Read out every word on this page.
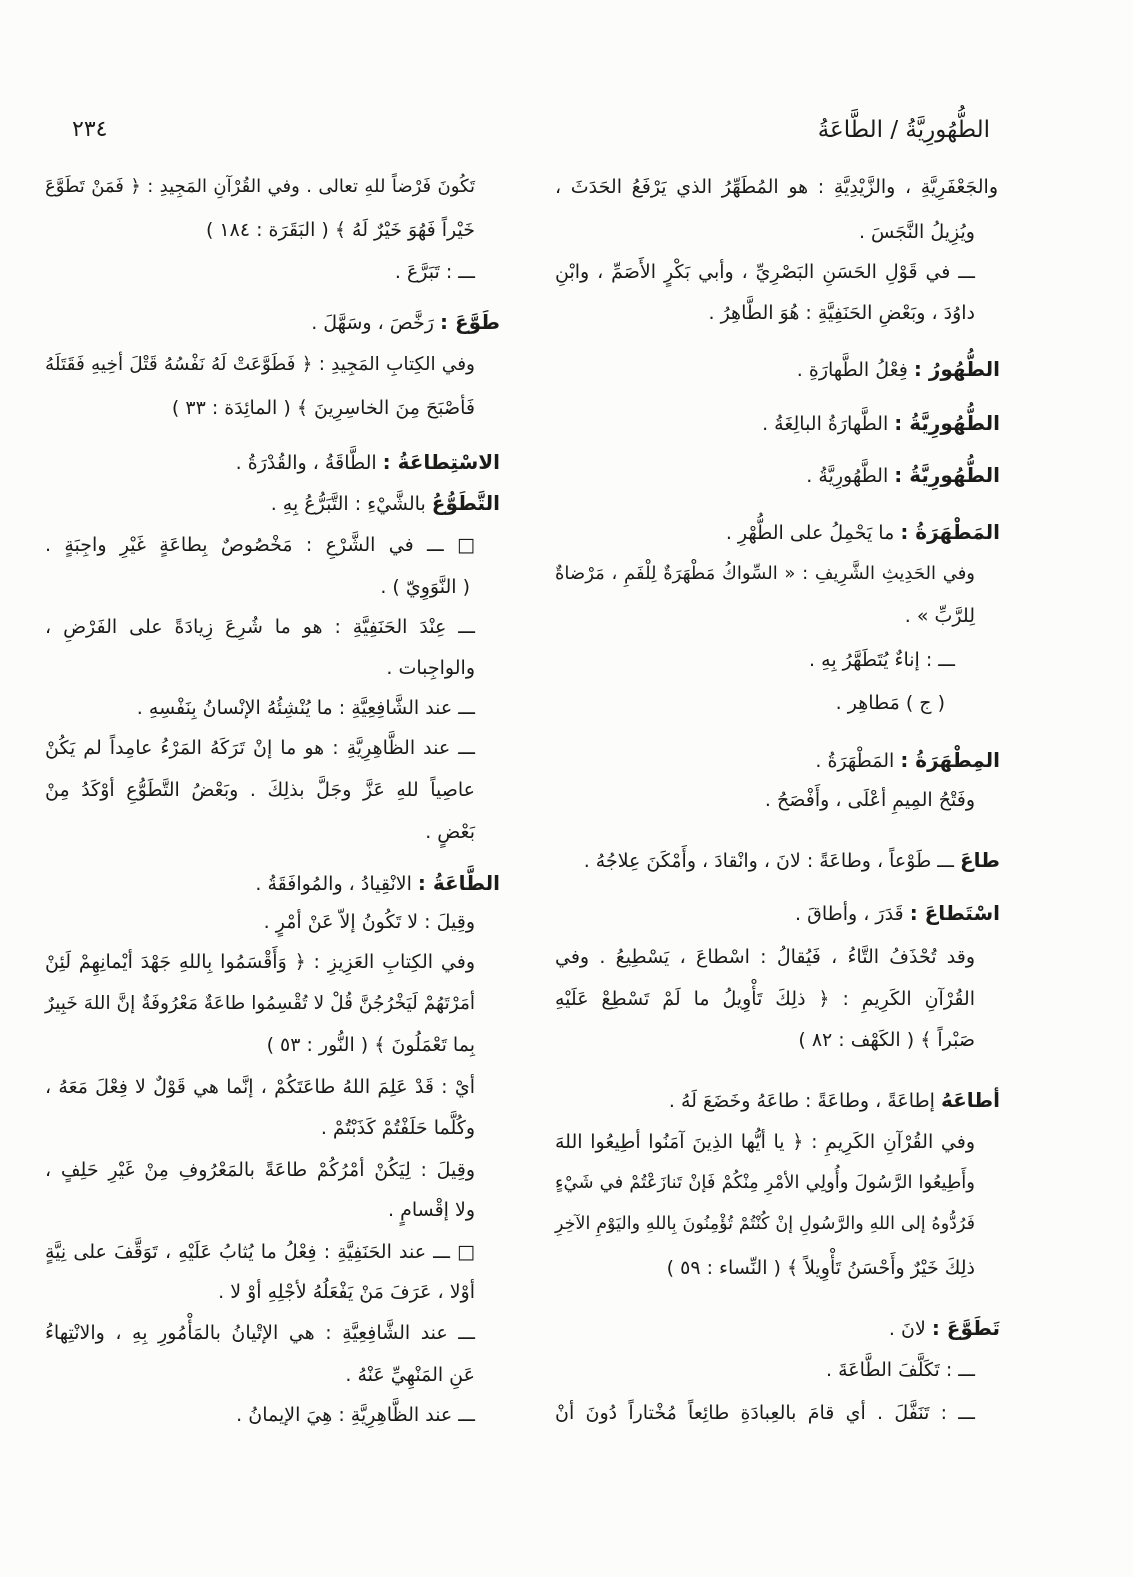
الطُّهُورِيَّةُ / الطَّاعَةُ
٢٣٤
والجَعْفَرِيَّةِ ، والزَّيْدِيَّةِ : هو المُطَهِّرُ الذي يَرْفَعُ الحَدَثَ ،
ويُزِيلُ النَّجَسَ .
ـــ في قَوْلِ الحَسَنِ البَصْرِيِّ ، وأبي بَكْرٍ الأَصَمِّ ، وابْنِ
داوُدَ ، وبَعْضِ الحَنَفِيَّةِ : هُوَ الطَّاهِرُ .
الطُّهُورُ : فِعْلُ الطَّهارَةِ .
الطُّهُورِيَّةُ : الطَّهارَةُ البالِغَةُ .
الطُّهُورِيَّةُ : الطَّهُورِيَّةُ .
المَطْهَرَةُ : ما يَحْمِلُ على الطُّهْرِ .
وفي الحَدِيثِ الشَّرِيفِ : « السِّواكُ مَطْهَرَةٌ لِلْفَمِ ، مَرْضاةٌ
لِلرَّبِّ » .
ـــ : إناءٌ يُتَطَهَّرُ بِهِ .
( ج ) مَطاهِر .
المِطْهَرَةُ : المَطْهَرَةُ .
وفَتْحُ المِيمِ أعْلَى ، وأَفْصَحُ .
طاعَ ـــ طَوْعاً ، وطاعَةً : لانَ ، وانْقادَ ، وأَمْكَنَ عِلاجُهُ .
اسْتَطاعَ : قَدَرَ ، وأطاقَ .
وقد تُحْذَفُ التَّاءُ ، فَيُقالُ : اسْطاعَ ، يَسْطِيعُ . وفي
القُرْآنِ الكَرِيمِ : ﴿ ذلِكَ تَأْوِيلُ ما لَمْ تَسْطِعْ عَلَيْهِ
صَبْراً ﴾ ( الكَهْف : ٨٢ )
أطاعَهُ إطاعَةً ، وطاعَةً : طاعَهُ وخَضَعَ لَهُ .
وفي القُرْآنِ الكَرِيمِ : ﴿ يا أيُّها الذِينَ آمَنُوا أطِيعُوا اللهَ
وأَطِيعُوا الرَّسُولَ وأُولِي الأمْرِ مِنْكُمْ فَإنْ تَنازَعْتُمْ في شَيْءٍ
فَرُدُّوهُ إلى اللهِ والرَّسُولِ إنْ كُنْتُمْ تُؤْمِنُونَ بِاللهِ واليَوْمِ الآخِرِ
ذلِكَ خَيْرٌ وأَحْسَنُ تَأْوِيلاً ﴾ ( النِّساء : ٥٩ )
تَطَوَّعَ : لانَ .
ـــ : تَكَلَّفَ الطَّاعَةَ .
ـــ : تَنَفَّلَ . أي قامَ بالعِبادَةِ طائِعاً مُخْتاراً دُونَ أنْ
تَكُونَ فَرْضاً للهِ تعالى . وفي القُرْآنِ المَجِيدِ : ﴿ فَمَنْ تَطَوَّعَ
خَيْراً فَهُوَ خَيْرٌ لَهُ ﴾ ( البَقَرَة : ١٨٤ )
ـــ : تَبَرَّعَ .
طَوَّعَ : رَخَّصَ ، وسَهَّلَ .
وفي الكِتابِ المَجِيدِ : ﴿ فَطَوَّعَتْ لَهُ نَفْسُهُ قَتْلَ أخِيهِ فَقَتَلَهُ
فَأصْبَحَ مِنَ الخاسِرِينَ ﴾ ( المائِدَة : ٣٣ )
الاسْتِطاعَةُ : الطَّاقَةُ ، والقُدْرَةُ .
التَّطَوُّعُ بالشَّيْءِ : التَّبَرُّعُ بِهِ .
□ ـــ في الشَّرْعِ : مَخْصُوصٌ بِطاعَةٍ غَيْرِ واجِبَةٍ .
( النَّوَوِيّ ) .
ـــ عِنْدَ الحَنَفِيَّةِ : هو ما شُرِعَ زِيادَةً على الفَرْضِ ،
والواجِبات .
ـــ عند الشَّافِعِيَّةِ : ما يُنْشِئُهُ الإنْسانُ بِنَفْسِهِ .
ـــ عند الظَّاهِرِيَّةِ : هو ما إنْ تَرَكَهُ المَرْءُ عامِداً لم يَكُنْ
عاصِياً للهِ عَزَّ وجَلَّ بذلِكَ . وبَعْضُ التَّطَوُّعِ أوْكَدُ مِنْ
بَعْضٍ .
الطَّاعَةُ : الانْقِيادُ ، والمُوافَقَةُ .
وقِيلَ : لا تَكُونُ إلاّ عَنْ أمْرٍ .
وفي الكِتابِ العَزِيزِ : ﴿ وَأَقْسَمُوا بِاللهِ جَهْدَ أيْمانِهِمْ لَئِنْ
أمَرْتَهُمْ لَيَخْرُجُنَّ قُلْ لا تُقْسِمُوا طاعَةٌ مَعْرُوفَةٌ إنَّ اللهَ خَبِيرٌ
بِما تَعْمَلُونَ ﴾ ( النُّور : ٥٣ )
أيْ : قَدْ عَلِمَ اللهُ طاعَتَكُمْ ، إنَّما هي قَوْلٌ لا فِعْلَ مَعَهُ ،
وكُلَّما حَلَفْتُمْ كَذَبْتُمْ .
وقِيلَ : لِيَكُنْ أمْرُكُمْ طاعَةً بالمَعْرُوفِ مِنْ غَيْرِ حَلِفٍ ،
ولا إقْسامٍ .
□ ـــ عند الحَنَفِيَّةِ : فِعْلُ ما يُثابُ عَلَيْهِ ، تَوَقَّفَ على نِيَّةٍ
أوْلا ، عَرَفَ مَنْ يَفْعَلُهُ لأجْلِهِ أوْ لا .
ـــ عند الشَّافِعِيَّةِ : هي الإتْيانُ بالمَأْمُورِ بِهِ ، والانْتِهاءُ
عَنِ المَنْهِيِّ عَنْهُ .
ـــ عند الظَّاهِرِيَّةِ : هِيَ الإيمانُ .
